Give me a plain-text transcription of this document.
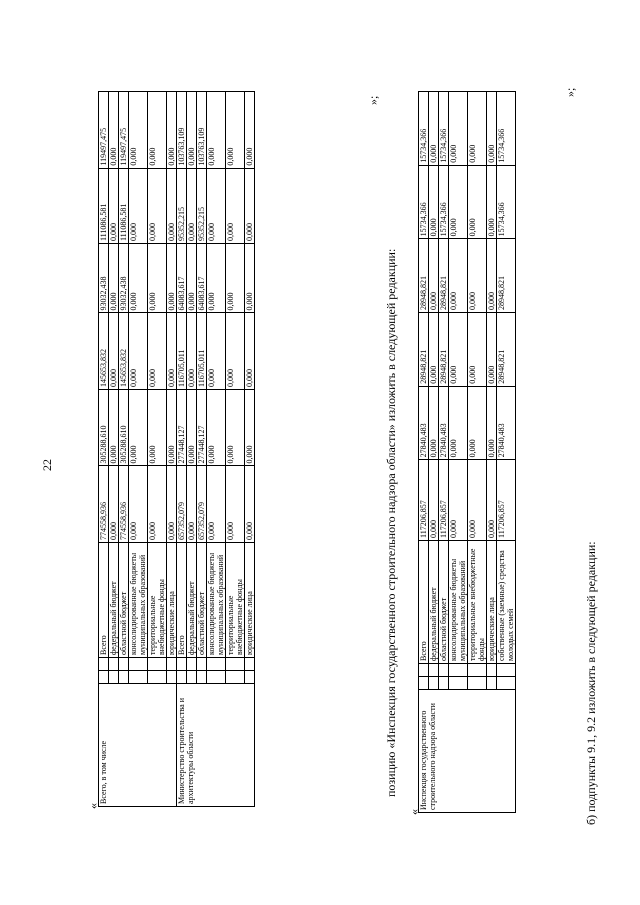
22
«
Всего, в том числе			Всего	774558,936	305288,610	145653,832	93032,438	111086,581	119497,475
			федеральный бюджет	0,000	0,000	0,000	0,000	0,000	0,000
			областной бюджет	774558,936	305288,610	145653,832	93032,438	111086,581	119497,475
			консолидированные бюджеты муниципальных образований	0,000	0,000	0,000	0,000	0,000	0,000
			территориальные внебюджетные фонды	0,000	0,000	0,000	0,000	0,000	0,000
			юридические лица	0,000	0,000	0,000	0,000	0,000	0,000
Министерство строительства и архитектуры области			Всего	657352,079	277448,127	116705,011	64083,617	95352,215	103763,109
			федеральный бюджет	0,000	0,000	0,000	0,000	0,000	0,000
			областной бюджет	657352,079	277448,127	116705,011	64083,617	95352,215	103763,109
			консолидированные бюджеты муниципальных образований	0,000	0,000	0,000	0,000	0,000	0,000
			территориальные внебюджетные фонды	0,000	0,000	0,000	0,000	0,000	0,000
			юридические лица	0,000	0,000	0,000	0,000	0,000	0,000
»;
позицию «Инспекция государственного строительного надзора области» изложить в следующей редакции:
«
Инспекция государственного строительного надзора области			Всего	117206,857	27840,483	28948,821	28948,821	15734,366	15734,366
			федеральный бюджет	0,000	0,000	0,000	0,000	0,000	0,000
			областной бюджет	117206,857	27840,483	28948,821	28948,821	15734,366	15734,366
			консолидированные бюджеты муниципальных образований	0,000	0,000	0,000	0,000	0,000	0,000
			территориальные внебюджетные фонды	0,000	0,000	0,000	0,000	0,000	0,000
			юридические лица	0,000	0,000	0,000	0,000	0,000	0,000
			собственные (заемные) средства молодых семей	117206,857	27840,483	28948,821	28948,821	15734,366	15734,366
»;
б) подпункты 9.1, 9.2 изложить в следующей редакции:
